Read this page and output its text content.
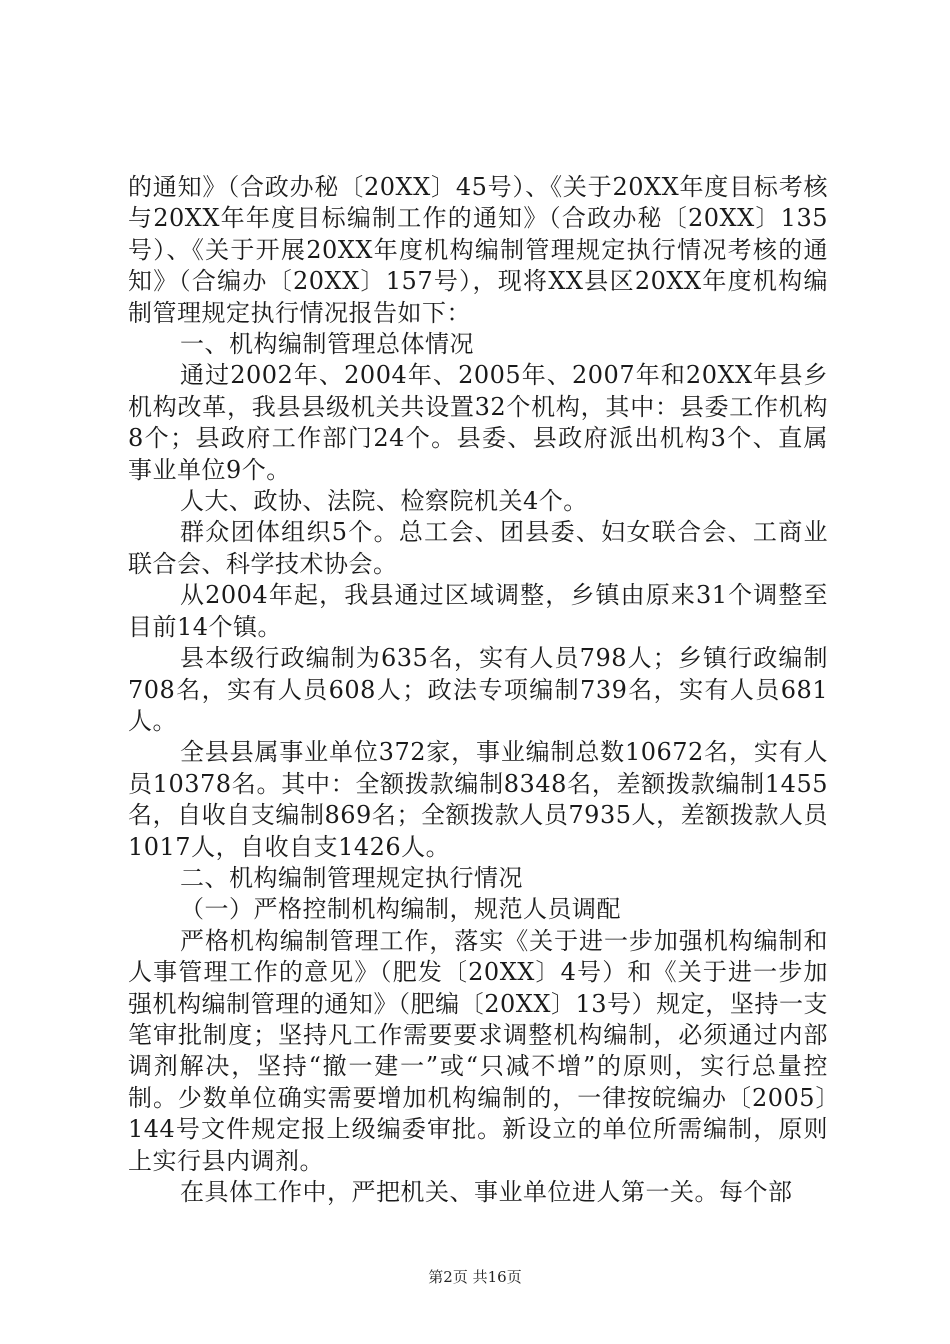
的通知》（合政办秘〔20XX〕45号）、《关于20XX年度目标考核与20XX年年度目标编制工作的通知》（合政办秘〔20XX〕135号）、《关于开展20XX年度机构编制管理规定执行情况考核的通知》（合编办〔20XX〕157号），现将XX县区20XX年度机构编制管理规定执行情况报告如下：

一、机构编制管理总体情况

通过2002年、2004年、2005年、2007年和20XX年县乡机构改革，我县县级机关共设置32个机构，其中：县委工作机构8个；县政府工作部门24个。县委、县政府派出机构3个、直属事业单位9个。

人大、政协、法院、检察院机关4个。

群众团体组织5个。总工会、团县委、妇女联合会、工商业联合会、科学技术协会。

从2004年起，我县通过区域调整，乡镇由原来31个调整至目前14个镇。

县本级行政编制为635名，实有人员798人；乡镇行政编制708名，实有人员608人；政法专项编制739名，实有人员681人。

全县县属事业单位372家，事业编制总数10672名，实有人员10378名。其中：全额拨款编制8348名，差额拨款编制1455名，自收自支编制869名；全额拨款人员7935人，差额拨款人员1017人，自收自支1426人。

二、机构编制管理规定执行情况

（一）严格控制机构编制，规范人员调配

严格机构编制管理工作，落实《关于进一步加强机构编制和人事管理工作的意见》（肥发〔20XX〕4号）和《关于进一步加强机构编制管理的通知》（肥编〔20XX〕13号）规定，坚持一支笔审批制度；坚持凡工作需要要求调整机构编制，必须通过内部调剂解决，坚持“撤一建一”或“只减不增”的原则，实行总量控制。少数单位确实需要增加机构编制的，一律按皖编办〔2005〕144号文件规定报上级编委审批。新设立的单位所需编制，原则上实行县内调剂。

在具体工作中，严把机关、事业单位进人第一关。每个部

第2页 共16页
